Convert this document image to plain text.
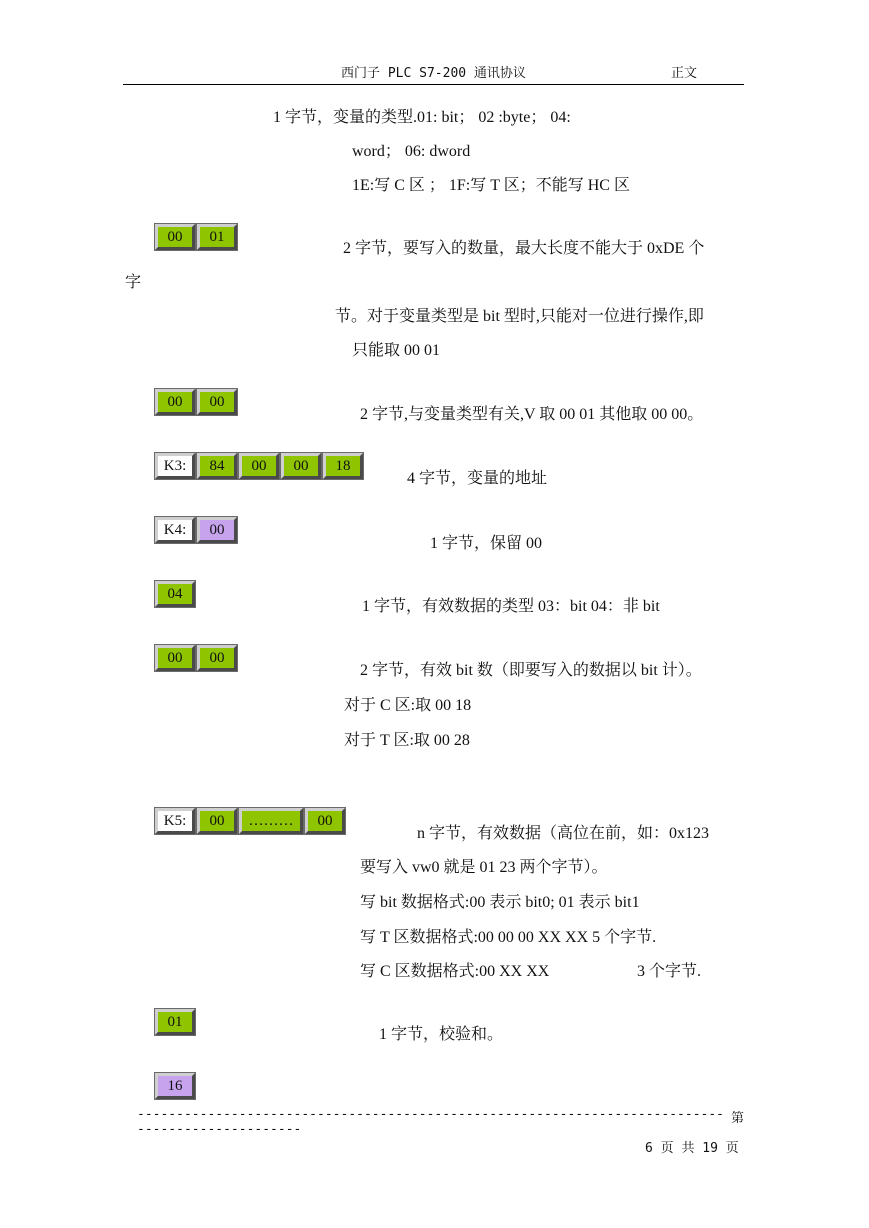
西门子 PLC S7-200 通讯协议	正文
1 字节，变量的类型.01: bit； 02 :byte； 04:
word； 06: dword
1E:写 C 区 ； 1F:写 T 区；不能写 HC 区
00	01
2 字节，要写入的数量，最大长度不能大于 0xDE 个
字
节。对于变量类型是 bit 型时,只能对一位进行操作,即
只能取 00 01
00	00
2 字节,与变量类型有关,V 取 00 01 其他取 00 00。
K3:	84	00	00	18
4 字节，变量的地址
K4:	00
1 字节，保留 00
04
1 字节，有效数据的类型 03：bit 04：非 bit
00	00
2 字节，有效 bit 数（即要写入的数据以 bit 计）。
对于 C 区:取 00 18
对于 T 区:取 00 28
K5:	00	………	00
n 字节，有效数据（高位在前，如：0x123
要写入 vw0 就是 01 23 两个字节）。
写 bit 数据格式:00 表示 bit0; 01 表示 bit1
写 T 区数据格式:00 00 00 XX XX 5 个字节.
写 C 区数据格式:00 XX XX	3 个字节.
01
1 字节，校验和。
16
------------------------------------------------------------------------------------------------
第
6 页 共 19 页
